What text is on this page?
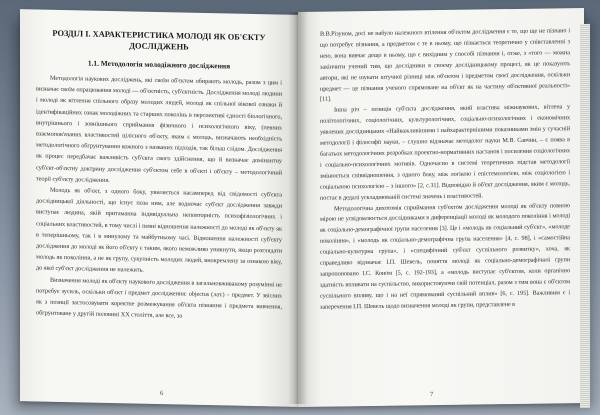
РОЗДІЛ І. ХАРАКТЕРИСТИКА МОЛОДІ ЯК ОБ'ЄКТУ ДОСЛІДЖЕНЬ
1.1. Методологія молодіжного дослідження

Методологія наукових досліджень, які своїм об'єктом обирають молодь, разом з цим і визначає своїм опрацювання молоді — об'єктність, суб'єктність. Дослідження молоді людини і молоді як вітлення спільного образу молодих людей, молоді як спільної вікової ознаки й ідентифікаційних ознак молодіжних та старших поколінь в перспективі єдності біологічного, внутрішнього і зовнішнього сприймання фізичного і психологічного віку, (певних взаємопов'язаних властивостей цілісного об'єкту, яким є молодь, визначають необхідність методологічного обгрунтування кожного з названих підходів, так більш слідом. Дослідження як процес передбачає важливість суб'єкта свого здійснення, що й визначає домінантну суб'єкт-об'єктну доктрину дослідження суб'єктом себе в об'єкті і об'єкту – методологічний теорії суб'єкту дослідження.

Молодь як об'єкт, з одного боку, увиляється насамперед від свідомості суб'єкта дослідницької діяльності, що існує поза ним, але водночас суб'єкт дослідження завжди виступає людина, якій притаманна індивідуальна неповторність психофізіологічних і соціальних властивостей, в тому числі і певні відношення належності до молоді як об'єкту як в теперішньому, так і в минулому та майбутньому часі. Відношення належності суб'єкту дослідження до молоді як його об'єкту є таким, якого неможливо уникнути, якщо розглядати молодь як покоління, а не як групу, сукупність молодих людей, виокремлену за ознакою віку, до якої суб'єкт дослідження не належить.

Визначення молоді як об'єкту наукового дослідження в загальновживаному розумінні не потребує зусиль, оскільки об'єкт і предмет дослідження: objectus (лат.) – предмет. У звісних як з позиції застосовувати коректне розмежування об'єкта пізнання і предмета вивчення, обгрунтоване у другій половині ХХ століття, але все, за

6

В.В.Різуном, досі не набуло належного втілення об'єктом дослідження є те, що ще не пізнано і що потребує пізнання, а предметом є те в ньому, що пізнається теоретично у співставленні з нею, вона вивчає дещо в ньому, що є вихідним у способі пізнання і, отже, з «того — можна закінчити учений тим, що дослідники в своєму дослідницькому процесі, як це показують автори, які не шукати штучної різниці між об'єктом і предметом своєї дослідження, оскільки предмет — це пізнання ученого спрямоване на об'єкт як на частину об'єктивної реальності» [11].

Інша річ – позиція суб'єкта дослідження, який властива міжнаукових, вітлена у політологічних, соціологічних, культурологічних, соціально-психологічних і економічних уявлених дослідницьких «Найважливішими і найхарактернішими показниками змін у сучасній методології і філософії науки, – слушно відзначає методолог науки М.В. Савчин, – є поява в багатьох методологічних розробках проектно-нормативних настанов і посилення соціологічних і соціально-психологічних мотивів. Одночасно в системі теоретичних підстав методології змінюється співвідношення, з одного боку, між логікою і епістемологією, між соціологією і соціальною психологією – з іншого» [2, с.31]. Відповідно й об'єкт дослідження, яким є молодь, постає в дедалі ускладнюваній системі значень і властивостей.

Методологічна дихотомія сприймання суб'єктом дослідження молоді як об'єкту повною мірою не усвідомлюється дослідниками в диференціації молоді як молодого покоління і молоді як соціально-демографічної групи населення [3]. Це і «молодь як соціальний суб'єкт», «молоде покоління», і «молодь як соціально-демографічна група населення» [4, с. 98], і «самостійна соціально-культурна група», і «специфічний суб'єкт суспільного розвитку», хоча, як справедливо відзначає І.П. Шевель, поняття молоді як соціально-демографічної групи запропоновано І.С. Коном [5, с. 192-193], а «молодь виступає суб'єктом, коли органічно здатність впливати на суспільство, використовуючи свій потенціал, разом з тим вона є об'єктом суспільного впливу, що і на неї спрямований суспільний вплив» [6, с. 195]. Важливим є і заперечення І.П. Шевель щодо визначення молоді як групи, представлене в

7
